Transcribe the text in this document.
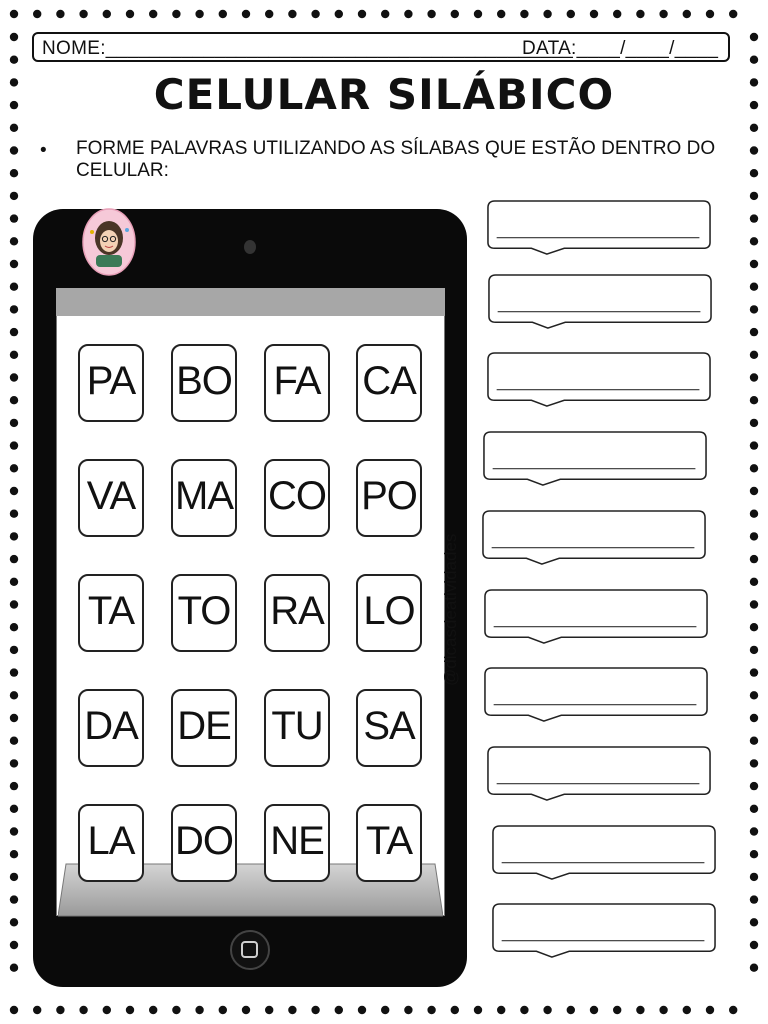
NOME:___________________________________________
DATA:____/____/____
CELULAR SILÁBICO
• FORME PALAVRAS UTILIZANDO AS SÍLABAS QUE ESTÃO DENTRO DO CELULAR:
PA BO FA CA
VA MA CO PO
TA TO RA LO
DA DE TU SA
LA DO NE TA
@dicasdeatividades
